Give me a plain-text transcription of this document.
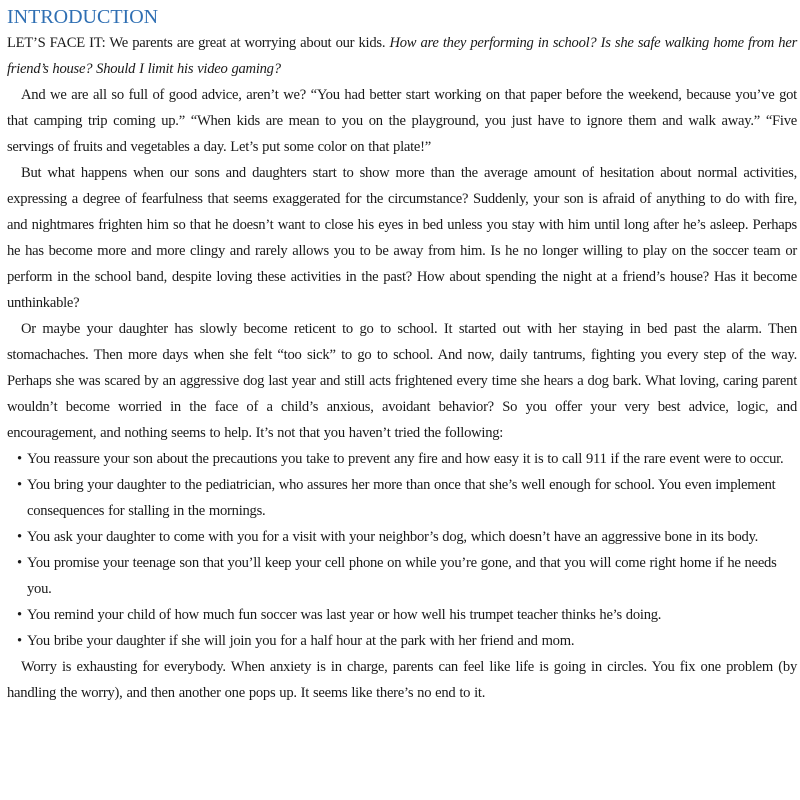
INTRODUCTION

LET’S FACE IT: We parents are great at worrying about our kids. How are they performing in school? Is she safe walking home from her friend’s house? Should I limit his video gaming?

And we are all so full of good advice, aren’t we? “You had better start working on that paper before the weekend, because you’ve got that camping trip coming up.” “When kids are mean to you on the playground, you just have to ignore them and walk away.” “Five servings of fruits and vegetables a day. Let’s put some color on that plate!”

But what happens when our sons and daughters start to show more than the average amount of hesitation about normal activities, expressing a degree of fearfulness that seems exaggerated for the circumstance? Suddenly, your son is afraid of anything to do with fire, and nightmares frighten him so that he doesn’t want to close his eyes in bed unless you stay with him until long after he’s asleep. Perhaps he has become more and more clingy and rarely allows you to be away from him. Is he no longer willing to play on the soccer team or perform in the school band, despite loving these activities in the past? How about spending the night at a friend’s house? Has it become unthinkable?

Or maybe your daughter has slowly become reticent to go to school. It started out with her staying in bed past the alarm. Then stomachaches. Then more days when she felt “too sick” to go to school. And now, daily tantrums, fighting you every step of the way. Perhaps she was scared by an aggressive dog last year and still acts frightened every time she hears a dog bark. What loving, caring parent wouldn’t become worried in the face of a child’s anxious, avoidant behavior? So you offer your very best advice, logic, and encouragement, and nothing seems to help. It’s not that you haven’t tried the following:

• You reassure your son about the precautions you take to prevent any fire and how easy it is to call 911 if the rare event were to occur.
• You bring your daughter to the pediatrician, who assures her more than once that she’s well enough for school. You even implement consequences for stalling in the mornings.
• You ask your daughter to come with you for a visit with your neighbor’s dog, which doesn’t have an aggressive bone in its body.
• You promise your teenage son that you’ll keep your cell phone on while you’re gone, and that you will come right home if he needs you.
• You remind your child of how much fun soccer was last year or how well his trumpet teacher thinks he’s doing.
• You bribe your daughter if she will join you for a half hour at the park with her friend and mom.

Worry is exhausting for everybody. When anxiety is in charge, parents can feel like life is going in circles. You fix one problem (by handling the worry), and then another one pops up. It seems like there’s no end to it.
